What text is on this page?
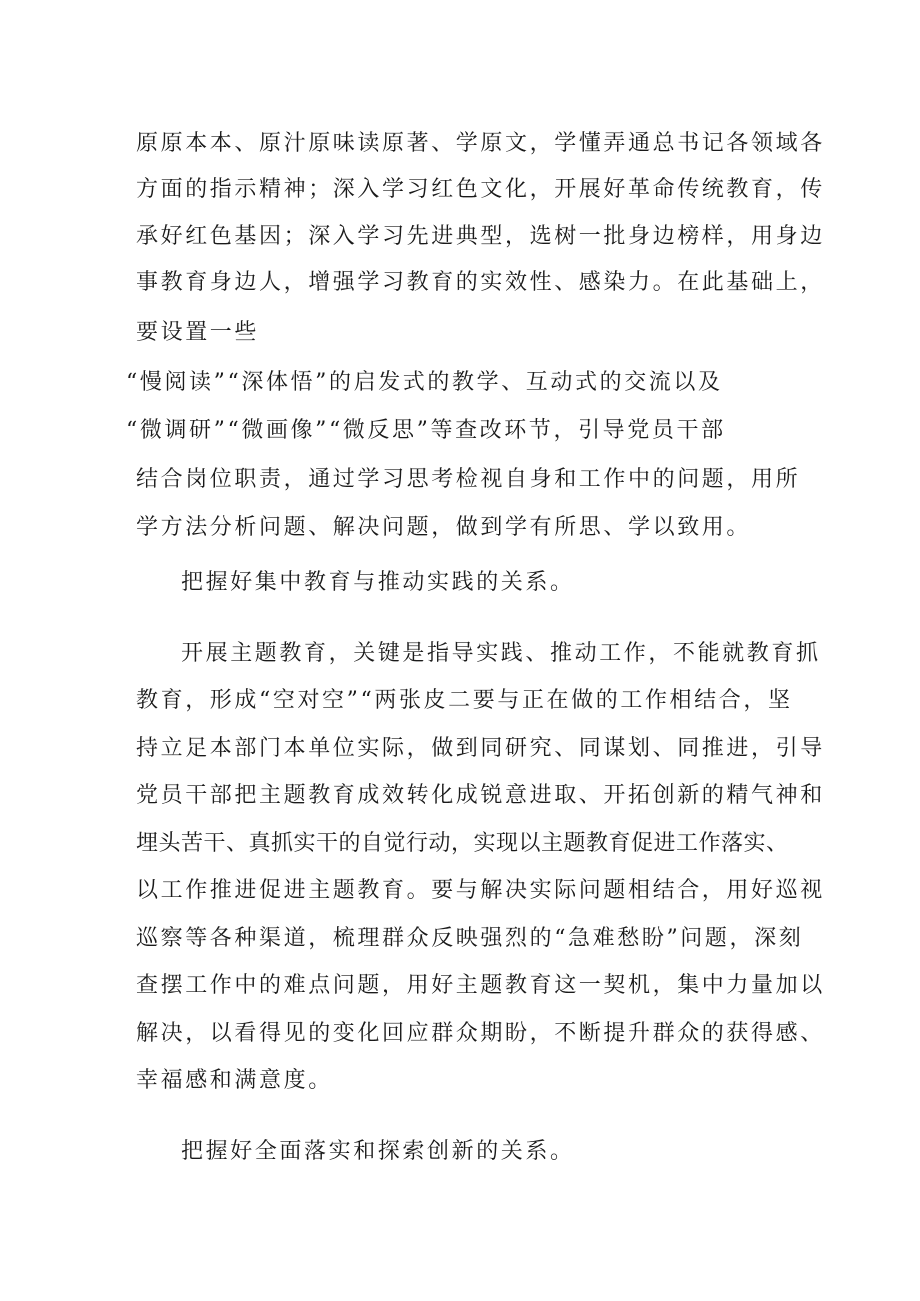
原原本本、原汁原味读原著、学原文，学懂弄通总书记各领域各
方面的指示精神；深入学习红色文化，开展好革命传统教育，传
承好红色基因；深入学习先进典型，选树一批身边榜样，用身边
事教育身边人，增强学习教育的实效性、感染力。在此基础上，
要设置一些
“慢阅读”“深体悟”的启发式的教学、互动式的交流以及
“微调研”“微画像”“微反思”等查改环节，引导党员干部
结合岗位职责，通过学习思考检视自身和工作中的问题，用所
学方法分析问题、解决问题，做到学有所思、学以致用。
把握好集中教育与推动实践的关系。
开展主题教育，关键是指导实践、推动工作，不能就教育抓
教育，形成“空对空”“两张皮二要与正在做的工作相结合，坚
持立足本部门本单位实际，做到同研究、同谋划、同推进，引导
党员干部把主题教育成效转化成锐意进取、开拓创新的精气神和
埋头苦干、真抓实干的自觉行动，实现以主题教育促进工作落实、
以工作推进促进主题教育。要与解决实际问题相结合，用好巡视
巡察等各种渠道，梳理群众反映强烈的“急难愁盼”问题，深刻
查摆工作中的难点问题，用好主题教育这一契机，集中力量加以
解决，以看得见的变化回应群众期盼，不断提升群众的获得感、
幸福感和满意度。
把握好全面落实和探索创新的关系。
